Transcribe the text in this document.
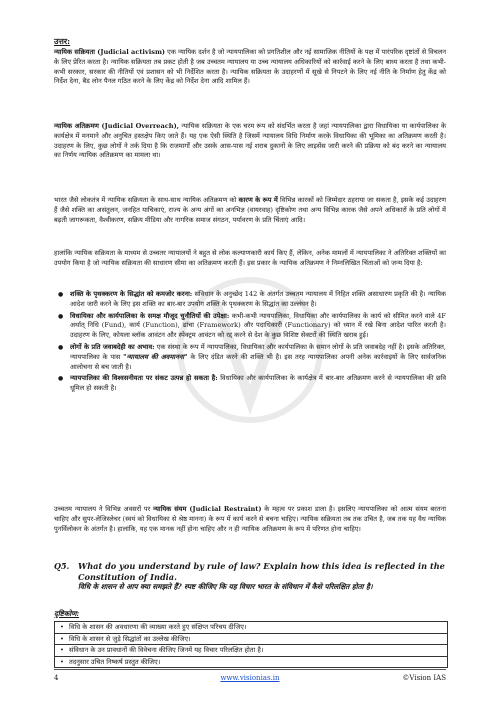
उत्तर:

न्यायिक सक्रियता (Judicial activism) एक न्यायिक दर्शन है जो न्यायपालिका को प्रगतिशील और नई सामाजिक नीतियों के पक्ष में पारंपरिक दृष्टांतों से विचलन के लिए प्रेरित करता है। न्यायिक सक्रियता तब प्रकट होती है जब उच्चतम न्यायालय या उच्च न्यायालय अधिकारियों को कार्रवाई करने के लिए बाध्य करता है तथा कभी-कभी सरकार, सरकार की नीतियों एवं प्रशासन को भी निर्देशित करता है। न्यायिक सक्रियता के उदाहरणों में सूखे से निपटने के लिए नई नीति के निर्माण हेतु केंद्र को निर्देश देना, बैड लोन पैनल गठित करने के लिए केंद्र को निर्देश देना आदि शामिल हैं।

न्यायिक अतिक्रमण (Judicial Overreach), न्यायिक सक्रियता के एक चरम रूप को संदर्भित करता है जहां न्यायपालिका द्वारा विधायिका या कार्यपालिका के कार्यक्षेत्र में मनमाने और अनुचित हस्तक्षेप किए जाते हैं। यह एक ऐसी स्थिति है जिसमें न्यायालय विधि निर्माण करके विधायिका की भूमिका का अतिक्रमण करती है। उदाहरण के लिए, कुछ लोगों ने तर्क दिया है कि राजमार्गों और उसके आस-पास नई शराब दुकानों के लिए लाइसेंस जारी करने की प्रक्रिया को बंद करने का न्यायालय का निर्णय न्यायिक अतिक्रमण का मामला था।

भारत जैसे लोकतंत्र में न्यायिक सक्रियता के साथ-साथ न्यायिक अतिक्रमण को कारण के रूप में विभिन्न कारकों को जिम्मेदार ठहराया जा सकता है, इसके कई उदाहरण हैं जैसे शक्ति का असंतुलन, जनहित याचिकाएं, राज्य के अन्य अंगों का अनभिज्ञ (वायरवाह) दृष्टिकोण तथा अन्य विभिन्न कारक जैसे अपने अधिकारों के प्रति लोगों में बढ़ती जागरूकता, वैश्वीकरण, सक्रिय मीडिया और नागरिक समाज संगठन, पर्यावरण के प्रति चिंताएं आदि।

हालांकि न्यायिक सक्रियता के माध्यम से उच्चतर न्यायालयों ने बहुत से लोक कल्याणकारी कार्य किए हैं, लेकिन, अनेक मामलों में न्यायपालिका ने अतिरिक्त शक्तियों का उपयोग किया है जो न्यायिक सक्रियता की साधारण सीमा का अतिक्रमण करती हैं। इस प्रकार के न्यायिक अतिक्रमण ने निम्नलिखित चिंताओं को जन्म दिया है:

● शक्ति के पृथक्करण के सिद्धांत को कमजोर करना: संविधान के अनुच्छेद 142 के अंतर्गत उच्चतम न्यायालय में निहित शक्ति असाधारण प्रकृति की है। न्यायिक आदेश जारी करने के लिए इस शक्ति का बार-बार उपयोग शक्ति के पृथक्करण के सिद्धांत का उल्लंघन है।
● विधायिका और कार्यपालिका के समक्ष मौजूद चुनौतियों की उपेक्षा: कभी-कभी न्यायपालिका, विधायिका और कार्यपालिका के कार्य को सीमित करने वाले 4F अर्थात् निधि (Fund), कार्य (Function), ढांचा (Framework) और पदाधिकारी (Functionary) को ध्यान में रखे बिना आदेश पारित करती है। उदाहरण के लिए, कोयला ब्लॉक आवंटन और स्पेक्ट्रम आवंटन को रद्द करने से देश के कुछ विशिष्ट सेक्टरों की स्थिति खराब हुई।
● लोगों के प्रति जवाबदेही का अभाव: एक संस्था के रूप में न्यायपालिका, विधायिका और कार्यपालिका के समान लोगों के प्रति जवाबदेह नहीं है। इसके अतिरिक्त, न्यायपालिका के पास "न्यायालय की अवमानना" के लिए दंडित करने की शक्ति भी है। इस तरह न्यायपालिका अपनी अनेक कार्रवाइयों के लिए सार्वजनिक आलोचना से बच जाती है।
● न्यायपालिका की विश्वसनीयता पर संकट उत्पन्न हो सकता है: विधायिका और कार्यपालिका के कार्यक्षेत्र में बार-बार अतिक्रमण करने से न्यायपालिका की छवि धूमिल हो सकती है।

उच्चतम न्यायालय ने विभिन्न अवसरों पर न्यायिक संयम (Judicial Restraint) के महत्व पर प्रकाश डाला है। इसलिए न्यायपालिका को आत्म संयम बरतना चाहिए और सुपर-लेजिस्लेचर (स्वयं को विधायिका से श्रेष्ठ मानना) के रूप में कार्य करने से बचना चाहिए। न्यायिक सक्रियता तब तक उचित है, जब तक यह वैध न्यायिक पुनर्विलोकन के अंतर्गत है। हालांकि, यह एक मानक नहीं होना चाहिए और न ही न्यायिक अतिक्रमण के रूप में परिणत होना चाहिए।

Q5. What do you understand by rule of law? Explain how this idea is reflected in the Constitution of India.
विधि के शासन से आप क्या समझते हैं? स्पष्ट कीजिए कि यह विचार भारत के संविधान में कैसे परिलक्षित होता है।
दृष्टिकोण:
• विधि के शासन की अवधारणा की व्याख्या करते हुए संक्षिप्त परिचय दीजिए।
• विधि के शासन से जुड़े सिद्धांतों का उल्लेख कीजिए।
• संविधान के उन प्रावधानों की विवेचना कीजिए जिनमें यह विचार परिलक्षित होता है।
• तदनुसार उचित निष्कर्ष प्रस्तुत कीजिए।
4	www.visionias.in	©Vision IAS
